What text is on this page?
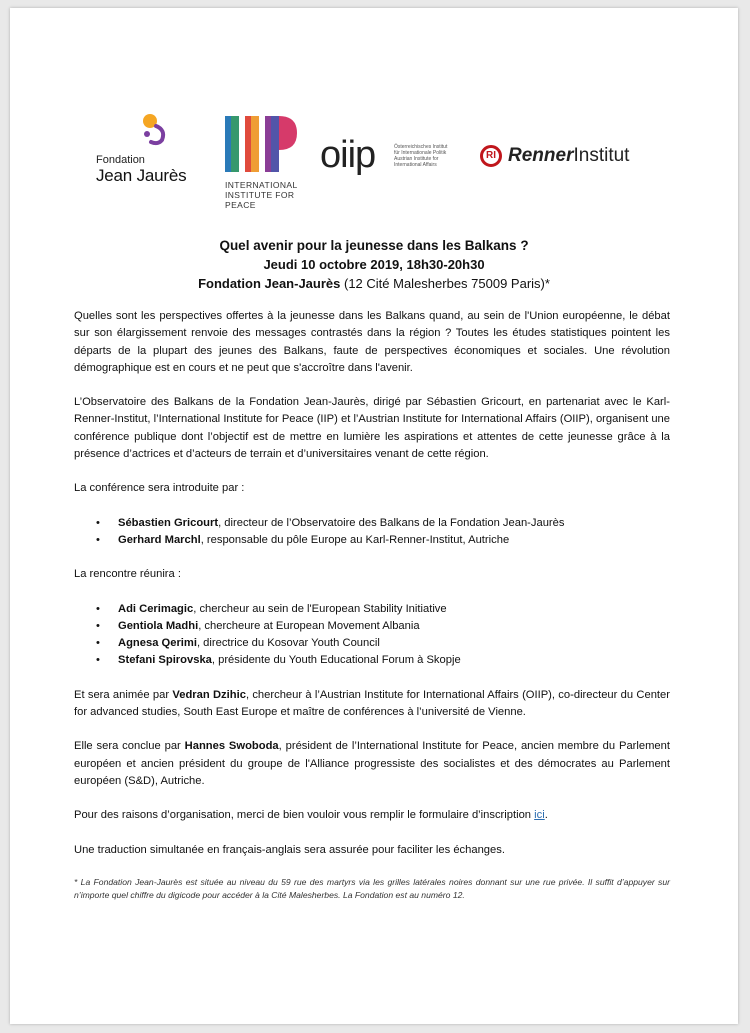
Fondation
Jean Jaurès	INTERNATIONAL
INSTITUTE FOR
PEACE
oiip	Österreichisches Institut
für Internationale Politik
Austrian Institute for
International Affairs
RI RennerInstitut
Quel avenir pour la jeunesse dans les Balkans ?
Jeudi 10 octobre 2019, 18h30-20h30
Fondation Jean-Jaurès (12 Cité Malesherbes 75009 Paris)*

Quelles sont les perspectives offertes à la jeunesse dans les Balkans quand, au sein de l'Union européenne, le débat sur son élargissement renvoie des messages contrastés dans la région ? Toutes les études statistiques pointent les départs de la plupart des jeunes des Balkans, faute de perspectives économiques et sociales. Une révolution démographique est en cours et ne peut que s'accroître dans l'avenir.

L’Observatoire des Balkans de la Fondation Jean-Jaurès, dirigé par Sébastien Gricourt, en partenariat avec le Karl-Renner-Institut, l’International Institute for Peace (IIP) et l’Austrian Institute for International Affairs (OIIP), organisent une conférence publique dont l’objectif est de mettre en lumière les aspirations et attentes de cette jeunesse grâce à la présence d’actrices et d’acteurs de terrain et d’universitaires venant de cette région.

La conférence sera introduite par :

• Sébastien Gricourt, directeur de l’Observatoire des Balkans de la Fondation Jean-Jaurès
• Gerhard Marchl, responsable du pôle Europe au Karl-Renner-Institut, Autriche

La rencontre réunira :

• Adi Cerimagic, chercheur au sein de l'European Stability Initiative
• Gentiola Madhi, chercheure at European Movement Albania
• Agnesa Qerimi, directrice du Kosovar Youth Council
• Stefani Spirovska, présidente du Youth Educational Forum à Skopje

Et sera animée par Vedran Dzihic, chercheur à l’Austrian Institute for International Affairs (OIIP), co-directeur du Center for advanced studies, South East Europe et maître de conférences à l’université de Vienne.

Elle sera conclue par Hannes Swoboda, président de l’International Institute for Peace, ancien membre du Parlement européen et ancien président du groupe de l'Alliance progressiste des socialistes et des démocrates au Parlement européen (S&D), Autriche.

Pour des raisons d’organisation, merci de bien vouloir vous remplir le formulaire d’inscription ici.

Une traduction simultanée en français-anglais sera assurée pour faciliter les échanges.

* La Fondation Jean-Jaurès est située au niveau du 59 rue des martyrs via les grilles latérales noires donnant sur une rue privée. Il suffit d’appuyer sur n’importe quel chiffre du digicode pour accéder à la Cité Malesherbes. La Fondation est au numéro 12.
